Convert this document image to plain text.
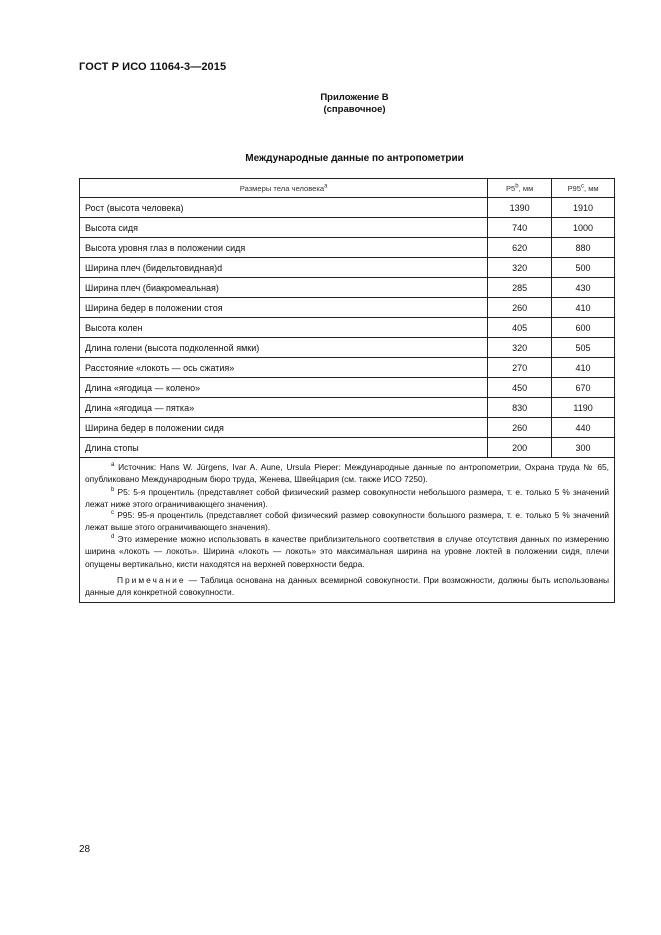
ГОСТ Р ИСО 11064-3—2015
Приложение В
(справочное)
Международные данные по антропометрии
Размеры тела человека$^a$	P5$^b$, мм	P95$^c$, мм
Рост (высота человека)	1390	1910
Высота сидя	740	1000
Высота уровня глаз в положении сидя	620	880
Ширина плеч (бидельтовидная)d	320	500
Ширина плеч (биакромеальная)	285	430
Ширина бедер в положении стоя	260	410
Высота колен	405	600
Длина голени (высота подколенной ямки)	320	505
Расстояние «локоть — ось сжатия»	270	410
Длина «ягодица — колено»	450	670
Длина «ягодица — пятка»	830	1190
Ширина бедер в положении сидя	260	440
Длина стопы	200	300
$^a$ Источник: Hans W. Jürgens, Ivar A. Aune, Ursula Pieper: Международные данные по антропометрии, Охрана труда № 65, опубликовано Международным бюро труда, Женева, Швейцария (см. также ИСО 7250).
$^b$ P5: 5-я процентиль (представляет собой физический размер совокупности небольшого размера, т. е. только 5 % значений лежат ниже этого ограничивающего значения).
$^c$ P95: 95-я процентиль (представляет собой физический размер совокупности большого размера, т. е. только 5 % значений лежат выше этого ограничивающего значения).
$^d$ Это измерение можно использовать в качестве приблизительного соответствия в случае отсутствия данных по измерению ширина «локоть — локоть». Ширина «локоть — локоть» это максимальная ширина на уровне локтей в положении сидя, плечи опущены вертикально, кисти находятся на верхней поверхности бедра.
Примечание — Таблица основана на данных всемирной совокупности. При возможности, должны быть использованы данные для конкретной совокупности.
28
